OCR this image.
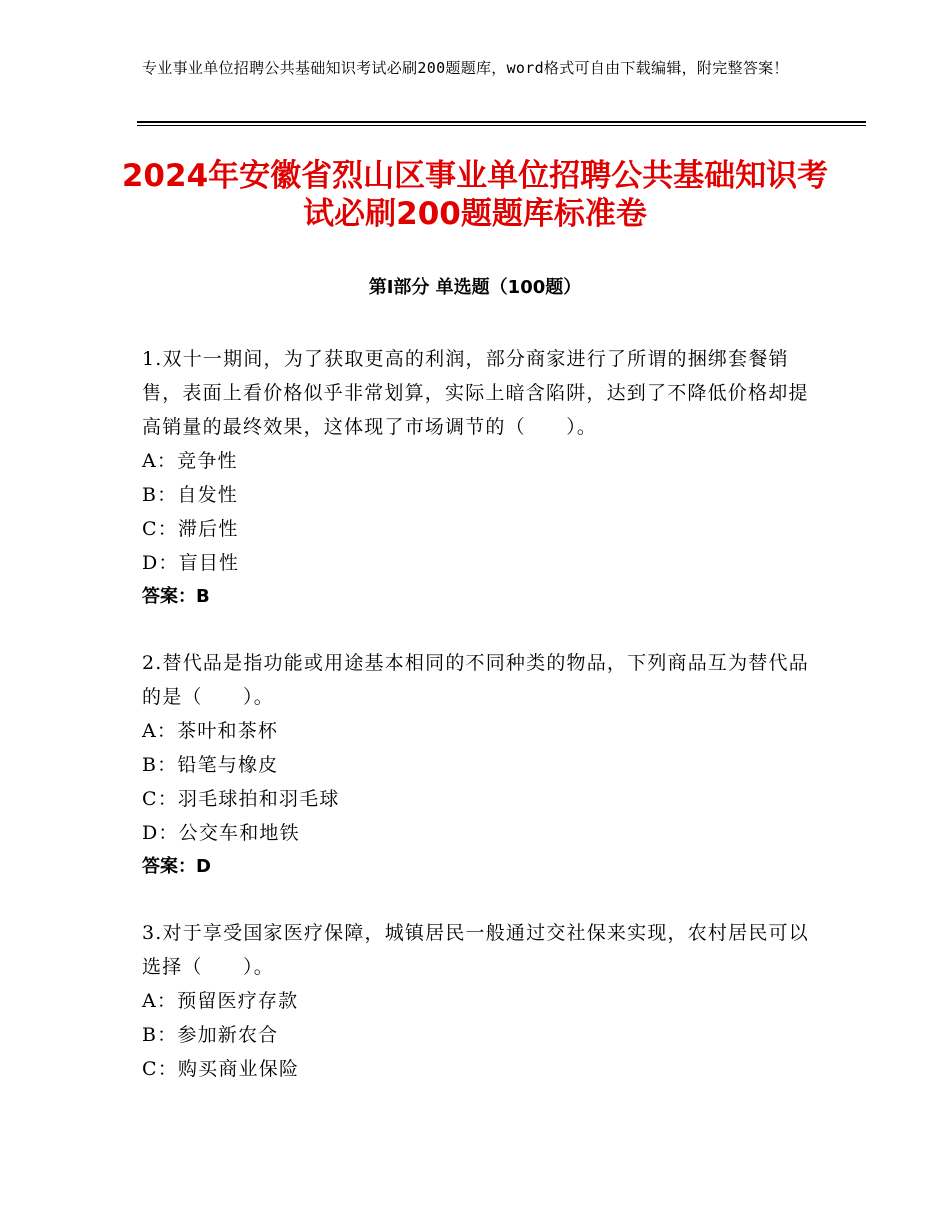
专业事业单位招聘公共基础知识考试必刷200题题库，word格式可自由下载编辑，附完整答案！
2024年安徽省烈山区事业单位招聘公共基础知识考试必刷200题题库标准卷
第Ⅰ部分 单选题（100题）
1.双十一期间，为了获取更高的利润，部分商家进行了所谓的捆绑套餐销售，表面上看价格似乎非常划算，实际上暗含陷阱，达到了不降低价格却提高销量的最终效果，这体现了市场调节的（　　）。
A：竞争性
B：自发性
C：滞后性
D：盲目性
答案：B
2.替代品是指功能或用途基本相同的不同种类的物品，下列商品互为替代品的是（　　）。
A：茶叶和茶杯
B：铅笔与橡皮
C：羽毛球拍和羽毛球
D：公交车和地铁
答案：D
3.对于享受国家医疗保障，城镇居民一般通过交社保来实现，农村居民可以选择（　　）。
A：预留医疗存款
B：参加新农合
C：购买商业保险
